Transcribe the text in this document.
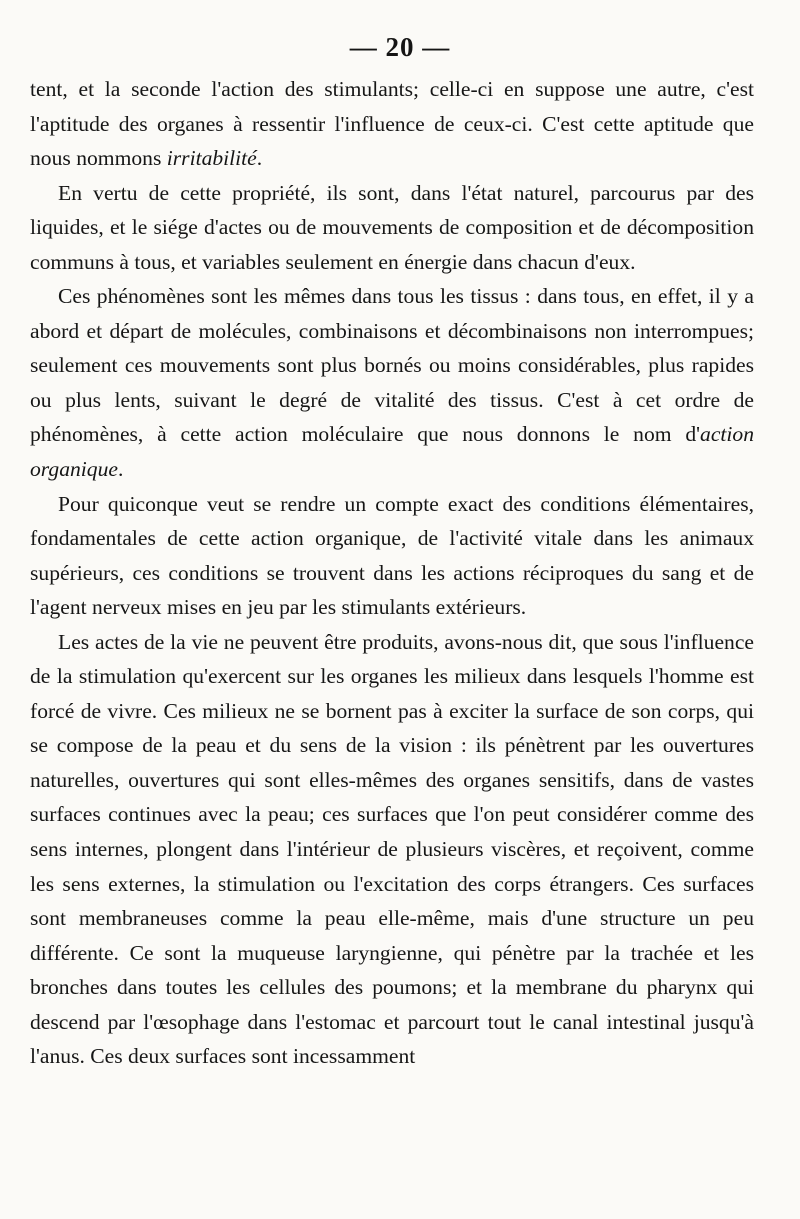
— 20 —

tent, et la seconde l'action des stimulants; celle-ci en suppose une autre, c'est l'aptitude des organes à ressentir l'influence de ceux-ci. C'est cette aptitude que nous nommons irritabilité.

En vertu de cette propriété, ils sont, dans l'état naturel, parcourus par des liquides, et le siége d'actes ou de mouvements de composition et de décomposition communs à tous, et variables seulement en énergie dans chacun d'eux.

Ces phénomènes sont les mêmes dans tous les tissus : dans tous, en effet, il y a abord et départ de molécules, combinaisons et décombinaisons non interrompues; seulement ces mouvements sont plus bornés ou moins considérables, plus rapides ou plus lents, suivant le degré de vitalité des tissus. C'est à cet ordre de phénomènes, à cette action moléculaire que nous donnons le nom d'action organique.

Pour quiconque veut se rendre un compte exact des conditions élémentaires, fondamentales de cette action organique, de l'activité vitale dans les animaux supérieurs, ces conditions se trouvent dans les actions réciproques du sang et de l'agent nerveux mises en jeu par les stimulants extérieurs.

Les actes de la vie ne peuvent être produits, avons-nous dit, que sous l'influence de la stimulation qu'exercent sur les organes les milieux dans lesquels l'homme est forcé de vivre. Ces milieux ne se bornent pas à exciter la surface de son corps, qui se compose de la peau et du sens de la vision : ils pénètrent par les ouvertures naturelles, ouvertures qui sont elles-mêmes des organes sensitifs, dans de vastes surfaces continues avec la peau; ces surfaces que l'on peut considérer comme des sens internes, plongent dans l'intérieur de plusieurs viscères, et reçoivent, comme les sens externes, la stimulation ou l'excitation des corps étrangers. Ces surfaces sont membraneuses comme la peau elle-même, mais d'une structure un peu différente. Ce sont la muqueuse laryngienne, qui pénètre par la trachée et les bronches dans toutes les cellules des poumons; et la membrane du pharynx qui descend par l'œsophage dans l'estomac et parcourt tout le canal intestinal jusqu'à l'anus. Ces deux surfaces sont incessamment
